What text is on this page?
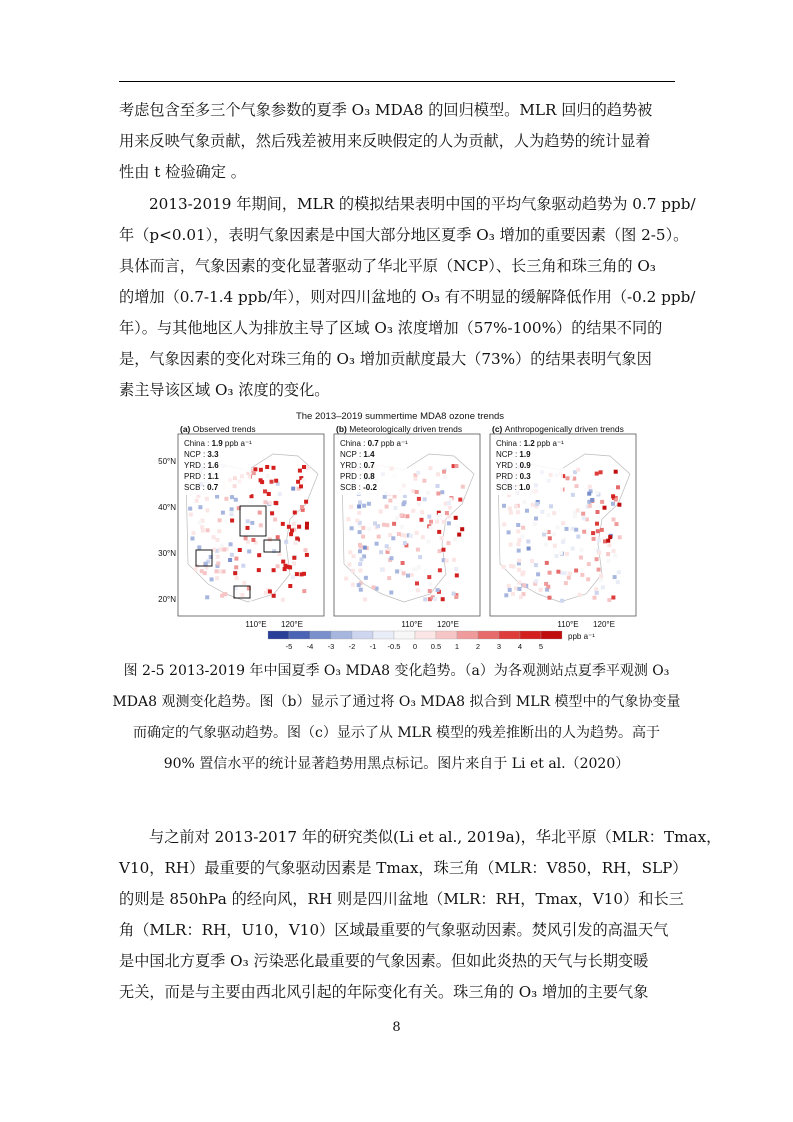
考虑包含至多三个气象参数的夏季 O₃ MDA8 的回归模型。MLR 回归的趋势被
用来反映气象贡献，然后残差被用来反映假定的人为贡献，人为趋势的统计显着
性由 t 检验确定 。

2013-2019 年期间，MLR 的模拟结果表明中国的平均气象驱动趋势为 0.7 ppb/
年（p<0.01），表明气象因素是中国大部分地区夏季 O₃ 增加的重要因素（图 2-5）。
具体而言，气象因素的变化显著驱动了华北平原（NCP）、长三角和珠三角的 O₃
的增加（0.7-1.4 ppb/年），则对四川盆地的 O₃ 有不明显的缓解降低作用（-0.2 ppb/
年）。与其他地区人为排放主导了区域 O₃ 浓度增加（57%-100%）的结果不同的
是，气象因素的变化对珠三角的 O₃ 增加贡献度最大（73%）的结果表明气象因
素主导该区域 O₃ 浓度的变化。

The 2013–2019 summertime MDA8 ozone trends
China : 1.9 ppb a⁻¹
NCP : 3.3
YRD : 1.6
PRD : 1.1
SCB : 0.7
(a) Observed trends
110°E 120°E
China : 0.7 ppb a⁻¹
NCP : 1.4
YRD : 0.7
PRD : 0.8
SCB : -0.2
(b) Meteorologically driven trends
110°E 120°E
China : 1.2 ppb a⁻¹
NCP : 1.9
YRD : 0.9
PRD : 0.3
SCB : 1.0
(c) Anthropogenically driven trends
110°E 120°E
50°N
40°N
30°N
20°N
-5 -4 -3 -2 -1 -0.5 0 0.5 1 2 3 4 5
ppb a⁻¹
图 2-5 2013-2019 年中国夏季 O₃ MDA8 变化趋势。（a）为各观测站点夏季平观测 O₃
MDA8 观测变化趋势。图（b）显示了通过将 O₃ MDA8 拟合到 MLR 模型中的气象协变量
而确定的气象驱动趋势。图（c）显示了从 MLR 模型的残差推断出的人为趋势。高于
90% 置信水平的统计显著趋势用黑点标记。图片来自于 Li et al.（2020）

与之前对 2013-2017 年的研究类似(Li et al., 2019a)，华北平原（MLR：Tmax，
V10，RH）最重要的气象驱动因素是 Tmax，珠三角（MLR：V850，RH，SLP）
的则是 850hPa 的经向风，RH 则是四川盆地（MLR：RH，Tmax，V10）和长三
角（MLR：RH，U10，V10）区域最重要的气象驱动因素。焚风引发的高温天气
是中国北方夏季 O₃ 污染恶化最重要的气象因素。但如此炎热的天气与长期变暖
无关，而是与主要由西北风引起的年际变化有关。珠三角的 O₃ 增加的主要气象

8
